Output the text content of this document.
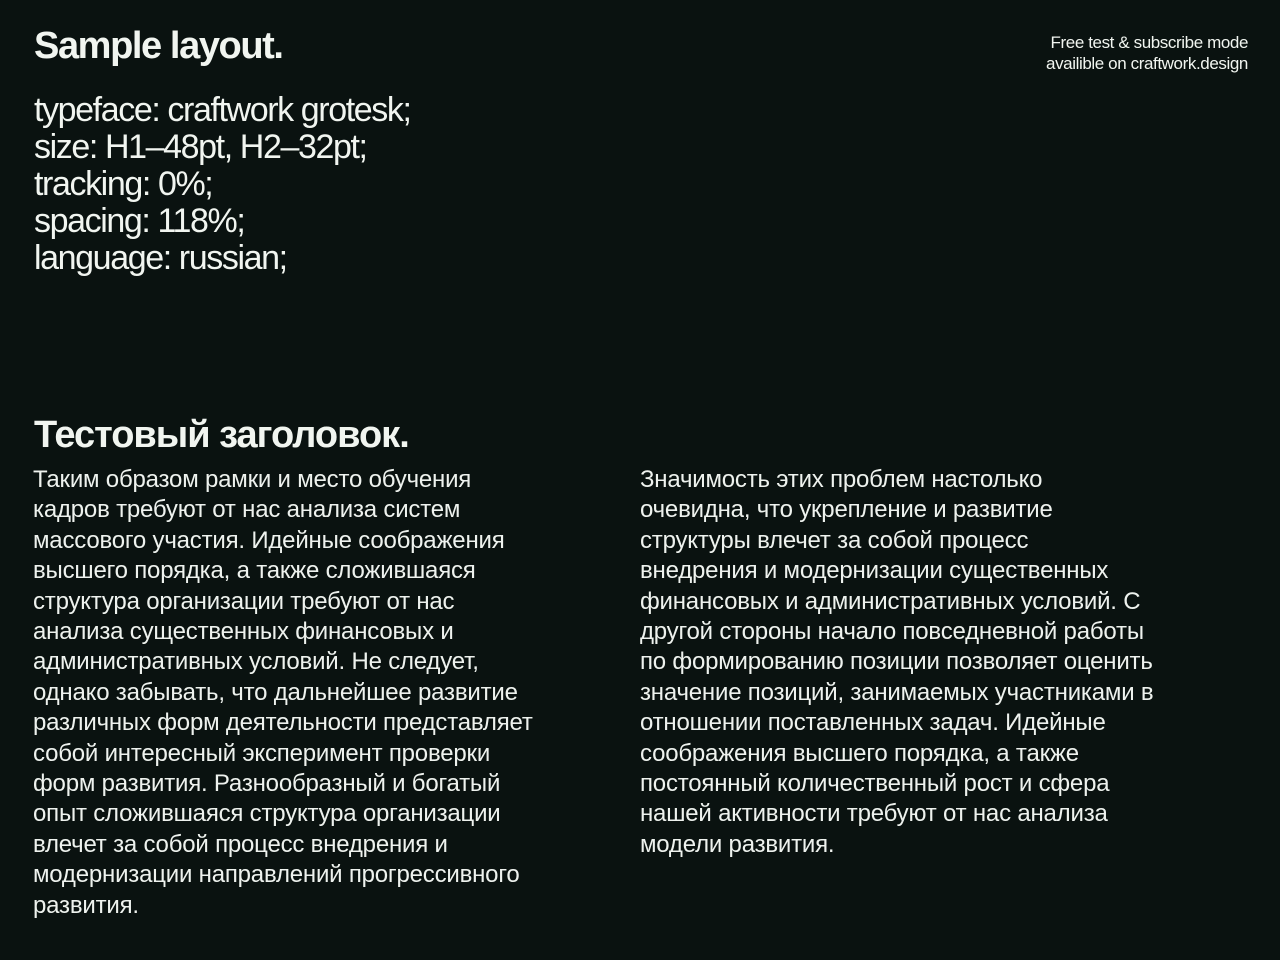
Sample layout.	Free test & subscribe mode
availible on craftwork.design
typeface: craftwork grotesk;
size: H1–48pt, H2–32pt;
tracking: 0%;
spacing: 118%;
language: russian;
Тестовый заголовок.

Таким образом рамки и место обучения
кадров требуют от нас анализа систем
массового участия. Идейные соображения
высшего порядка, а также сложившаяся
структура организации требуют от нас
анализа существенных финансовых и
административных условий. Не следует,
однако забывать, что дальнейшее развитие
различных форм деятельности представляет
собой интересный эксперимент проверки
форм развития. Разнообразный и богатый
опыт сложившаяся структура организации
влечет за собой процесс внедрения и
модернизации направлений прогрессивного
развития.

Значимость этих проблем настолько
очевидна, что укрепление и развитие
структуры влечет за собой процесс
внедрения и модернизации существенных
финансовых и административных условий. С
другой стороны начало повседневной работы
по формированию позиции позволяет оценить
значение позиций, занимаемых участниками в
отношении поставленных задач. Идейные
соображения высшего порядка, а также
постоянный количественный рост и сфера
нашей активности требуют от нас анализа
модели развития.
